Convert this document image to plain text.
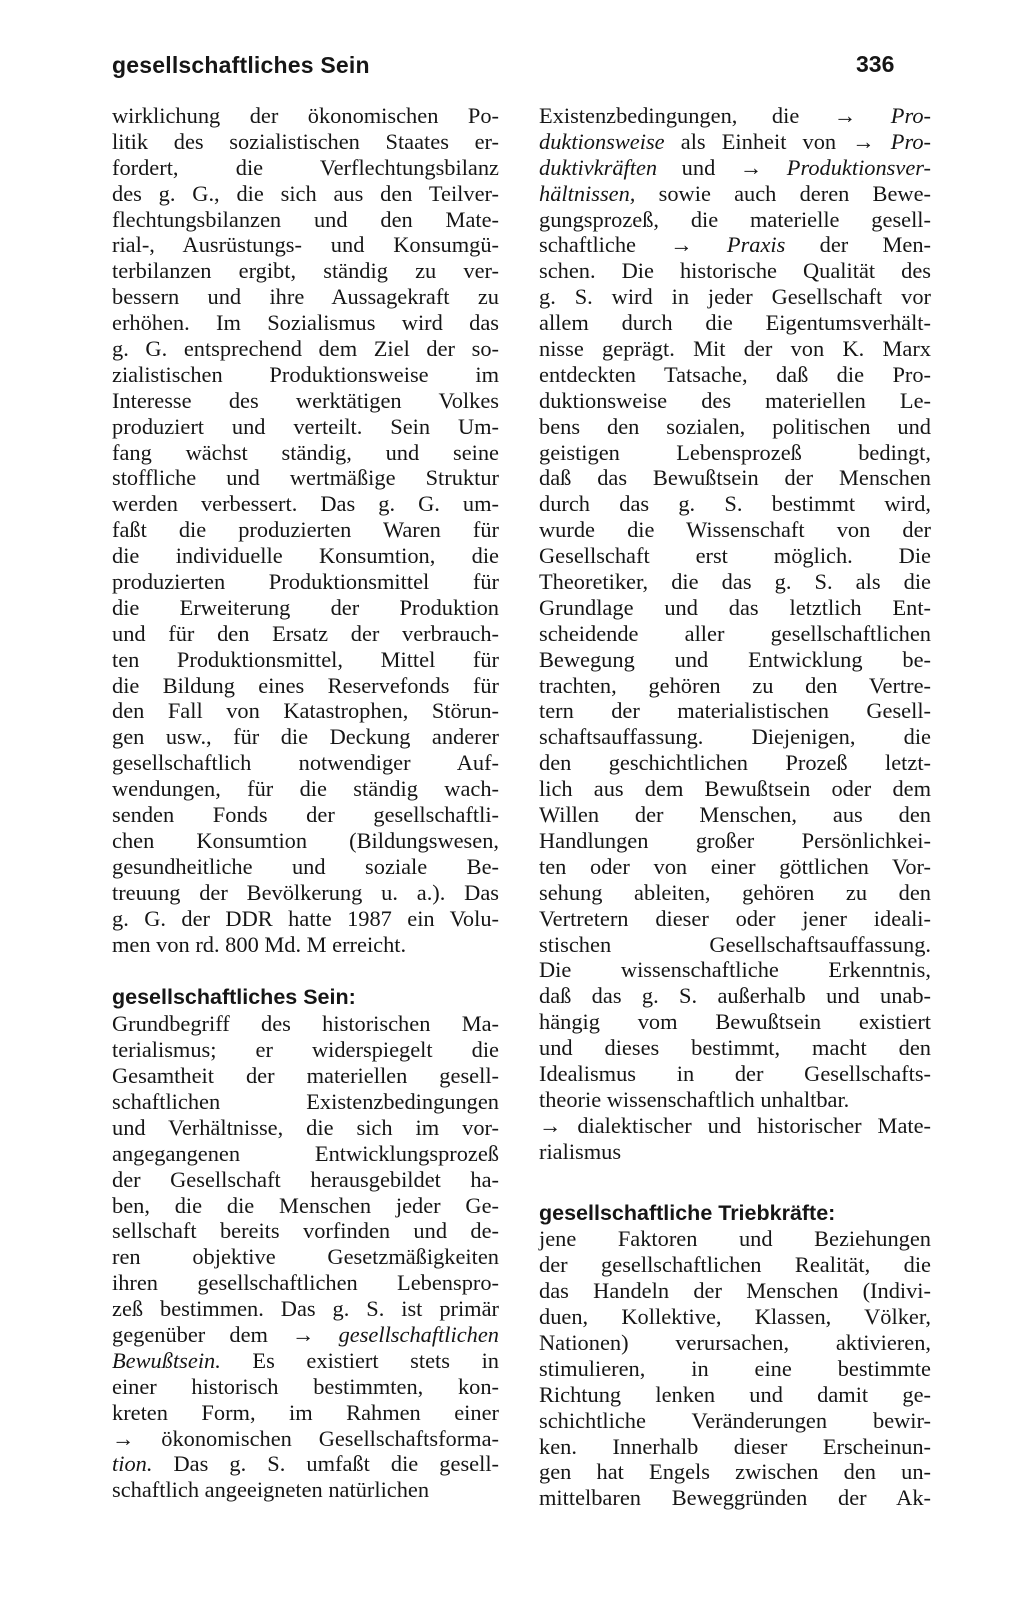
gesellschaftliches Sein	336
wirklichung der ökonomischen Po-
litik des sozialistischen Staates er-
fordert, die Verflechtungsbilanz
des g. G., die sich aus den Teilver-
flechtungsbilanzen und den Mate-
rial-, Ausrüstungs- und Konsumgü-
terbilanzen ergibt, ständig zu ver-
bessern und ihre Aussagekraft zu
erhöhen. Im Sozialismus wird das
g. G. entsprechend dem Ziel der so-
zialistischen Produktionsweise im
Interesse des werktätigen Volkes
produziert und verteilt. Sein Um-
fang wächst ständig, und seine
stoffliche und wertmäßige Struktur
werden verbessert. Das g. G. um-
faßt die produzierten Waren für
die individuelle Konsumtion, die
produzierten Produktionsmittel für
die Erweiterung der Produktion
und für den Ersatz der verbrauch-
ten Produktionsmittel, Mittel für
die Bildung eines Reservefonds für
den Fall von Katastrophen, Störun-
gen usw., für die Deckung anderer
gesellschaftlich notwendiger Auf-
wendungen, für die ständig wach-
senden Fonds der gesellschaftli-
chen Konsumtion (Bildungswesen,
gesundheitliche und soziale Be-
treuung der Bevölkerung u. a.). Das
g. G. der DDR hatte 1987 ein Volu-
men von rd. 800 Md. M erreicht.
gesellschaftliches Sein:
Grundbegriff des historischen Ma-
terialismus; er widerspiegelt die
Gesamtheit der materiellen gesell-
schaftlichen Existenzbedingungen
und Verhältnisse, die sich im vor-
angegangenen Entwicklungsprozeß
der Gesellschaft herausgebildet ha-
ben, die die Menschen jeder Ge-
sellschaft bereits vorfinden und de-
ren objektive Gesetzmäßigkeiten
ihren gesellschaftlichen Lebenspro-
zeß bestimmen. Das g. S. ist primär
gegenüber dem → gesellschaftlichen
Bewußtsein. Es existiert stets in
einer historisch bestimmten, kon-
kreten Form, im Rahmen einer
→ ökonomischen Gesellschaftsforma-
tion. Das g. S. umfaßt die gesell-
schaftlich angeeigneten natürlichen
Existenzbedingungen, die → Pro-
duktionsweise als Einheit von → Pro-
duktivkräften und → Produktionsver-
hältnissen, sowie auch deren Bewe-
gungsprozeß, die materielle gesell-
schaftliche → Praxis der Men-
schen. Die historische Qualität des
g. S. wird in jeder Gesellschaft vor
allem durch die Eigentumsverhält-
nisse geprägt. Mit der von K. Marx
entdeckten Tatsache, daß die Pro-
duktionsweise des materiellen Le-
bens den sozialen, politischen und
geistigen Lebensprozeß bedingt,
daß das Bewußtsein der Menschen
durch das g. S. bestimmt wird,
wurde die Wissenschaft von der
Gesellschaft erst möglich. Die
Theoretiker, die das g. S. als die
Grundlage und das letztlich Ent-
scheidende aller gesellschaftlichen
Bewegung und Entwicklung be-
trachten, gehören zu den Vertre-
tern der materialistischen Gesell-
schaftsauffassung. Diejenigen, die
den geschichtlichen Prozeß letzt-
lich aus dem Bewußtsein oder dem
Willen der Menschen, aus den
Handlungen großer Persönlichkei-
ten oder von einer göttlichen Vor-
sehung ableiten, gehören zu den
Vertretern dieser oder jener ideali-
stischen Gesellschaftsauffassung.
Die wissenschaftliche Erkenntnis,
daß das g. S. außerhalb und unab-
hängig vom Bewußtsein existiert
und dieses bestimmt, macht den
Idealismus in der Gesellschafts-
theorie wissenschaftlich unhaltbar.
→ dialektischer und historischer Mate-
rialismus
gesellschaftliche Triebkräfte:
jene Faktoren und Beziehungen
der gesellschaftlichen Realität, die
das Handeln der Menschen (Indivi-
duen, Kollektive, Klassen, Völker,
Nationen) verursachen, aktivieren,
stimulieren, in eine bestimmte
Richtung lenken und damit ge-
schichtliche Veränderungen bewir-
ken. Innerhalb dieser Erscheinun-
gen hat Engels zwischen den un-
mittelbaren Beweggründen der Ak-
